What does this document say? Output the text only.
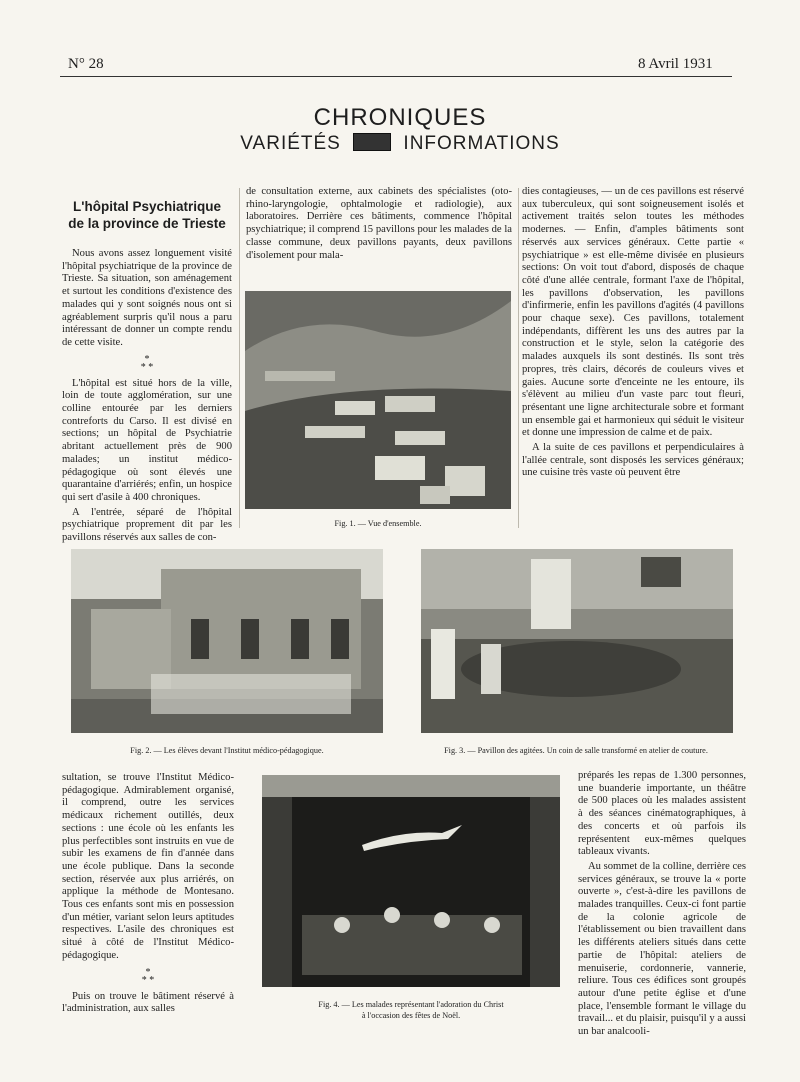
N° 28	8 Avril 1931
CHRONIQUES
VARIÉTÉS	INFORMATIONS
L'hôpital Psychiatrique
de la province de Trieste

Nous avons assez longuement visité l'hôpital psychiatrique de la province de Trieste. Sa situation, son aménagement et surtout les conditions d'existence des malades qui y sont soignés nous ont si agréablement surpris qu'il nous a paru intéressant de donner un compte rendu de cette visite.

*
* *

L'hôpital est situé hors de la ville, loin de toute agglomération, sur une colline entourée par les derniers contreforts du Carso. Il est divisé en sections; un hôpital de Psychiatrie abritant actuellement près de 900 malades; un institut médico-pédagogique où sont élevés une quarantaine d'arriérés; enfin, un hospice qui sert d'asile à 400 chroniques.

A l'entrée, séparé de l'hôpital psychiatrique proprement dit par les pavillons réservés aux salles de con-

de consultation externe, aux cabinets des spécialistes (oto-rhino-laryngologie, ophtalmologie et radiologie), aux laboratoires. Derrière ces bâtiments, commence l'hôpital psychiatrique; il comprend 15 pavillons pour les malades de la classe commune, deux pavillons payants, deux pavillons d'isolement pour mala-

Fig. 1. — Vue d'ensemble.

dies contagieuses, — un de ces pavillons est réservé aux tuberculeux, qui sont soigneusement isolés et activement traités selon toutes les méthodes modernes. — Enfin, d'amples bâtiments sont réservés aux services généraux. Cette partie « psychiatrique » est elle-même divisée en plusieurs sections: On voit tout d'abord, disposés de chaque côté d'une allée centrale, formant l'axe de l'hôpital, les pavillons d'observation, les pavillons d'infirmerie, enfin les pavillons d'agités (4 pavillons pour chaque sexe). Ces pavillons, totalement indépendants, diffèrent les uns des autres par la construction et le style, selon la catégorie des malades auxquels ils sont destinés. Ils sont très propres, très clairs, décorés de couleurs vives et gaies. Aucune sorte d'enceinte ne les entoure, ils s'élèvent au milieu d'un vaste parc tout fleuri, présentant une ligne architecturale sobre et formant un ensemble gai et harmonieux qui séduit le visiteur et donne une impression de calme et de paix.

A la suite de ces pavillons et perpendiculaires à l'allée centrale, sont disposés les services généraux; une cuisine très vaste où peuvent être

Fig. 2. — Les élèves devant l'Institut médico-pédagogique.	Fig. 3. — Pavillon des agitées. Un coin de salle transformé en atelier de couture.

sultation, se trouve l'Institut Médico-pédagogique. Admirablement organisé, il comprend, outre les services médicaux richement outillés, deux sections : une école où les enfants les plus perfectibles sont instruits en vue de subir les examens de fin d'année dans une école publique. Dans la seconde section, réservée aux plus arriérés, on applique la méthode de Montesano. Tous ces enfants sont mis en possession d'un métier, variant selon leurs aptitudes respectives. L'asile des chroniques est situé à côté de l'Institut Médico-pédagogique.

*
* *

Puis on trouve le bâtiment réservé à l'administration, aux salles	Fig. 4. — Les malades représentant l'adoration du Christ
à l'occasion des fêtes de Noël.

préparés les repas de 1.300 personnes, une buanderie importante, un théâtre de 500 places où les malades assistent à des séances cinématographiques, à des concerts et où parfois ils représentent eux-mêmes quelques tableaux vivants.

Au sommet de la colline, derrière ces services généraux, se trouve la « porte ouverte », c'est-à-dire les pavillons de malades tranquilles. Ceux-ci font partie de la colonie agricole de l'établissement ou bien travaillent dans les différents ateliers situés dans cette partie de l'hôpital: ateliers de menuiserie, cordonnerie, vannerie, reliure. Tous ces édifices sont groupés autour d'une petite église et d'une place, l'ensemble formant le village du travail... et du plaisir, puisqu'il y a aussi un bar analcooli-
